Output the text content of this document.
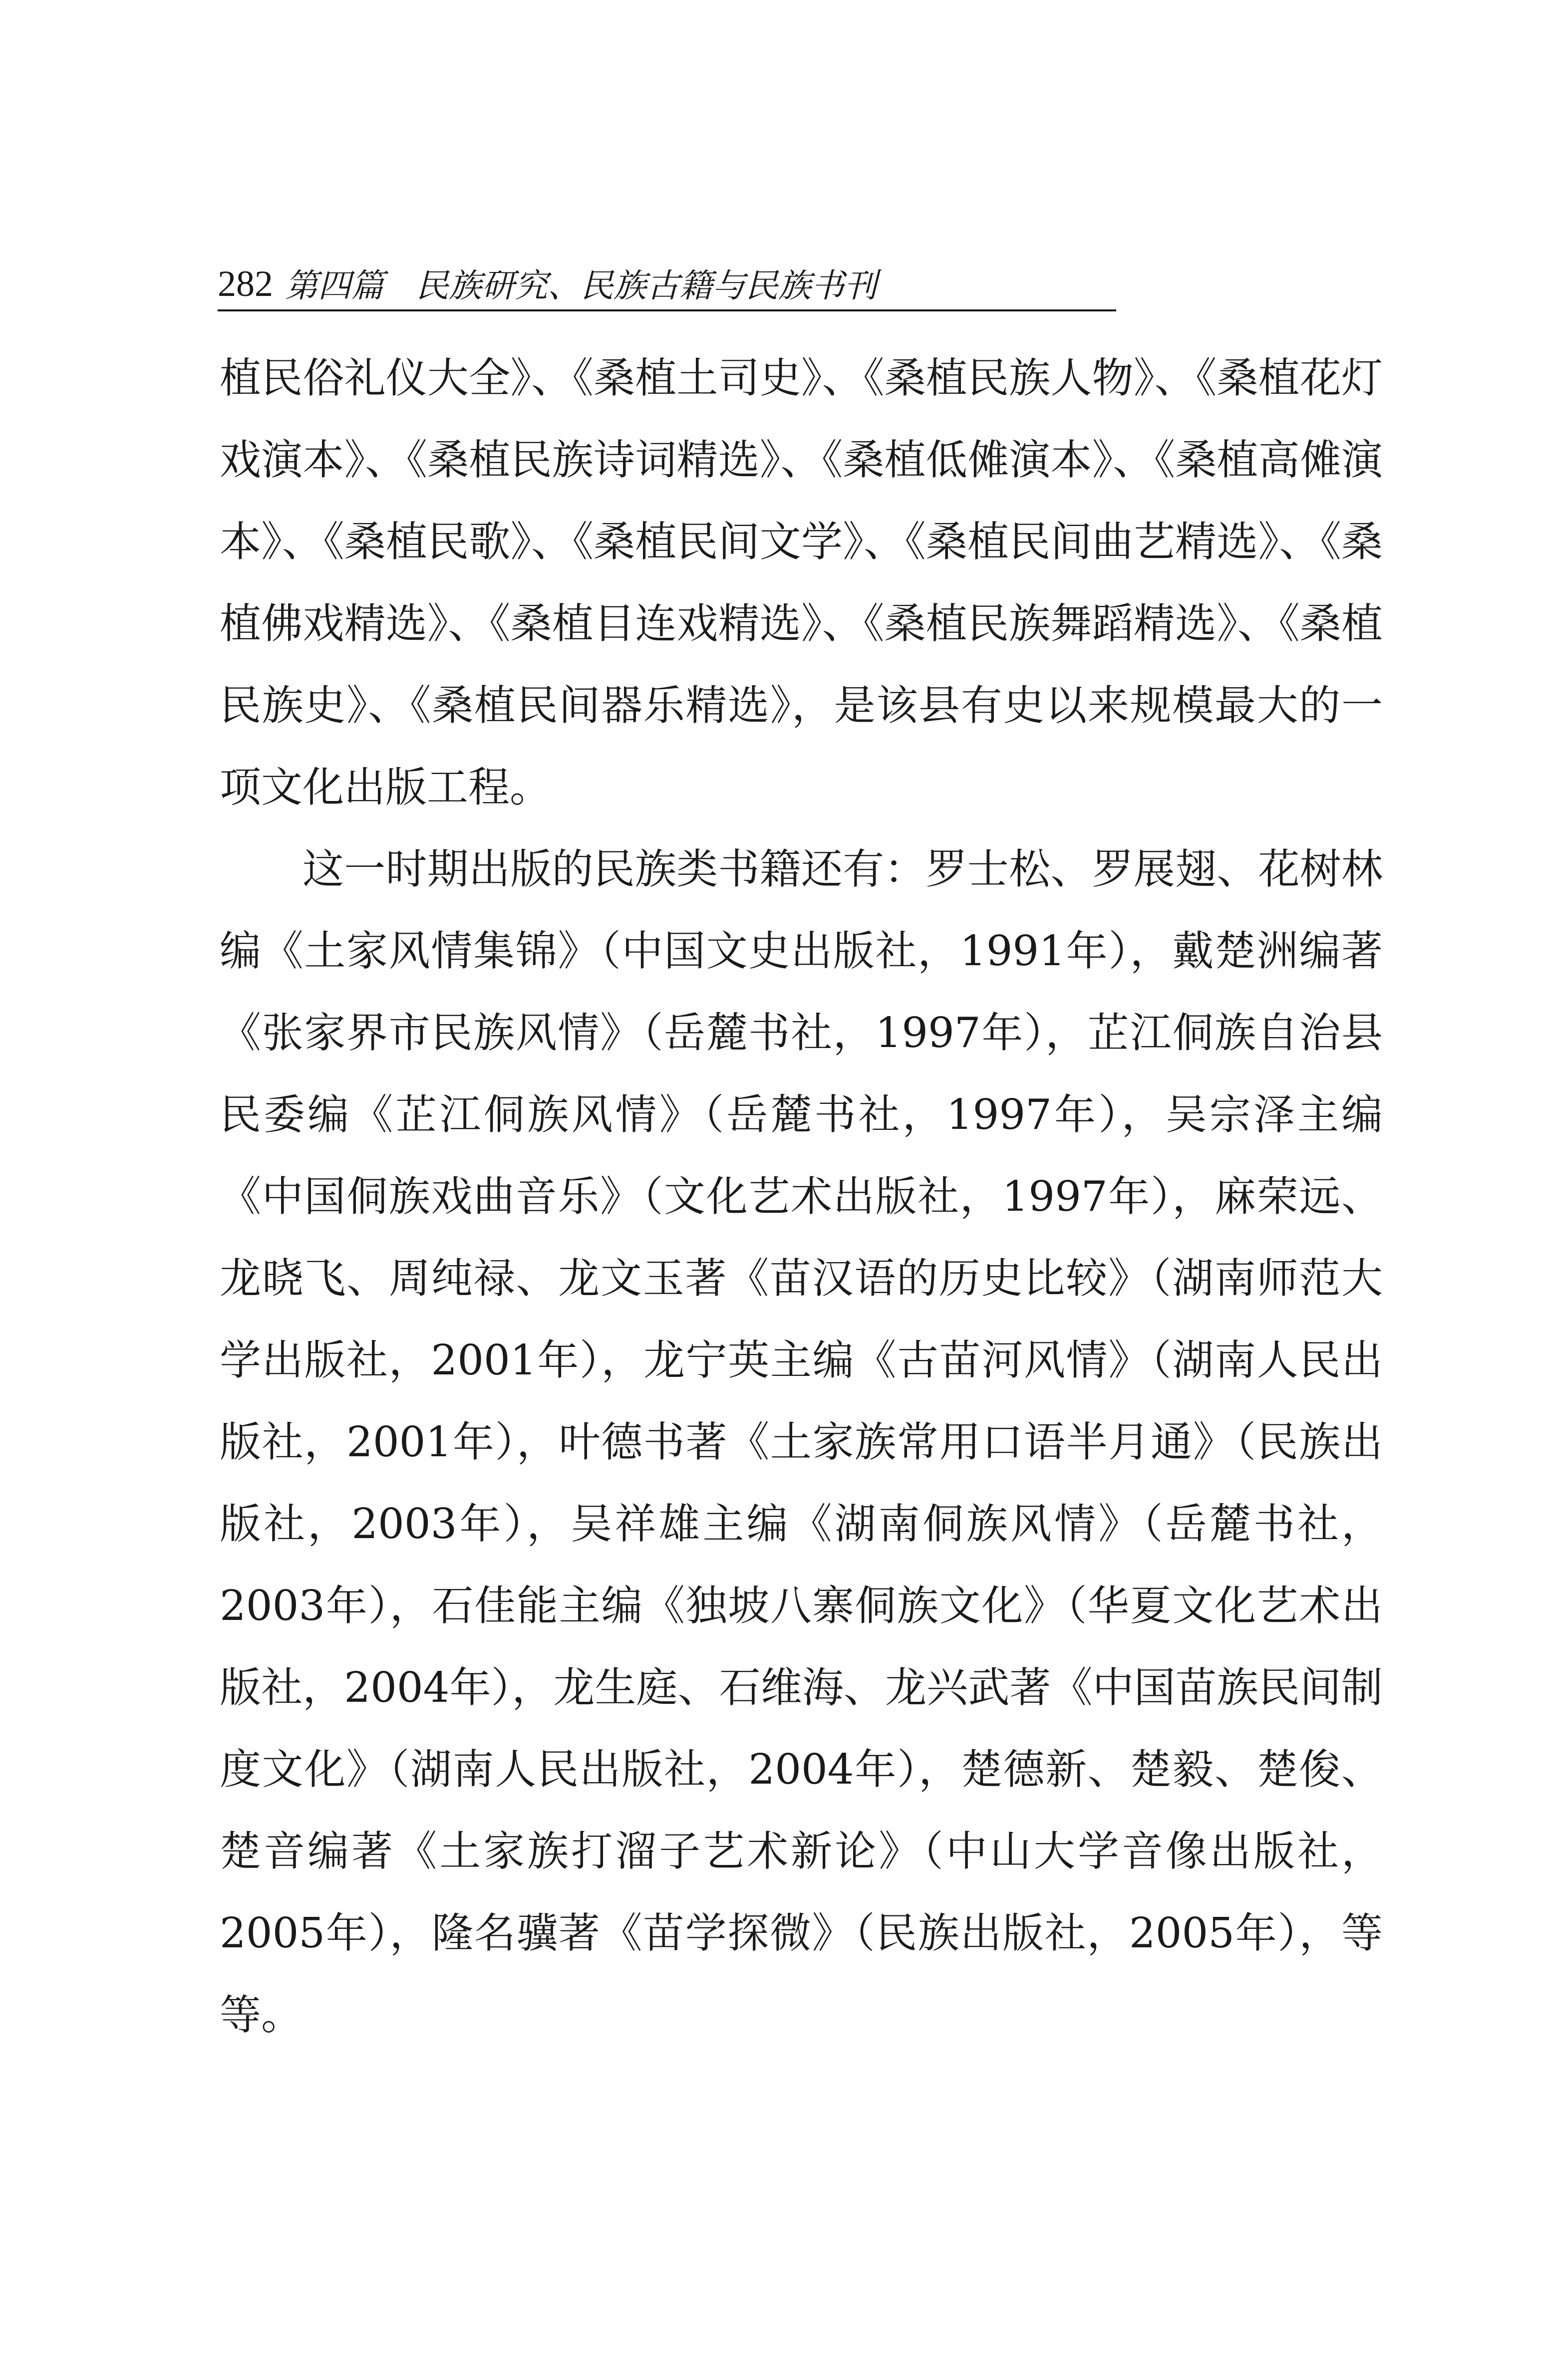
282 第四篇 民族研究、民族古籍与民族书刊

植民俗礼仪大全》、《桑植土司史》、《桑植民族人物》、《桑植花灯戏演本》、《桑植民族诗词精选》、《桑植低傩演本》、《桑植高傩演本》、《桑植民歌》、《桑植民间文学》、《桑植民间曲艺精选》、《桑植佛戏精选》、《桑植目连戏精选》、《桑植民族舞蹈精选》、《桑植民族史》、《桑植民间器乐精选》，是该县有史以来规模最大的一项文化出版工程。

这一时期出版的民族类书籍还有：罗士松、罗展翅、花树林编《土家风情集锦》（中国文史出版社，1991年），戴楚洲编著《张家界市民族风情》（岳麓书社，1997年），芷江侗族自治县民委编《芷江侗族风情》（岳麓书社，1997年），吴宗泽主编《中国侗族戏曲音乐》（文化艺术出版社，1997年），麻荣远、龙晓飞、周纯禄、龙文玉著《苗汉语的历史比较》（湖南师范大学出版社，2001年），龙宁英主编《古苗河风情》（湖南人民出版社，2001年），叶德书著《土家族常用口语半月通》（民族出版社，2003年），吴祥雄主编《湖南侗族风情》（岳麓书社，2003年），石佳能主编《独坡八寨侗族文化》（华夏文化艺术出版社，2004年），龙生庭、石维海、龙兴武著《中国苗族民间制度文化》（湖南人民出版社，2004年），楚德新、楚毅、楚俊、楚音编著《土家族打溜子艺术新论》（中山大学音像出版社，2005年），隆名骥著《苗学探微》（民族出版社，2005年），等等。
